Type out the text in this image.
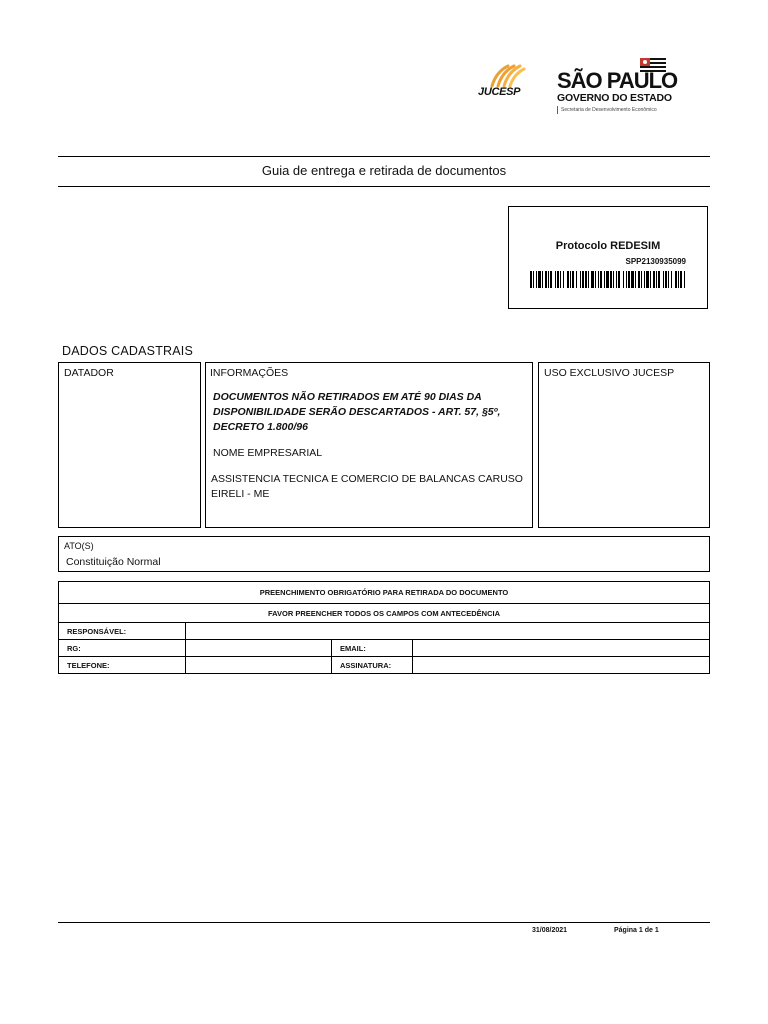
JUCESP SÃO PAULO
GOVERNO DO ESTADO
Secretaria de Desenvolvimento Econômico
Guia de entrega e retirada de documentos
Protocolo REDESIM
SPP2130935099
DADOS CADASTRAIS
DATADOR	INFORMAÇÕES
DOCUMENTOS NÃO RETIRADOS EM ATÉ 90 DIAS DA DISPONIBILIDADE SERÃO DESCARTADOS - ART. 57, §5º, DECRETO 1.800/96
NOME EMPRESARIAL
ASSISTENCIA TECNICA E COMERCIO DE BALANCAS CARUSO EIRELI - ME
USO EXCLUSIVO JUCESP
ATO(S)
Constituição Normal
PREENCHIMENTO OBRIGATÓRIO PARA RETIRADA DO DOCUMENTO			
FAVOR PREENCHER TODOS OS CAMPOS COM ANTECEDÊNCIA			
RESPONSÁVEL:			
RG:		EMAIL:	
TELEFONE:		ASSINATURA:	
31/08/2021	Página 1 de 1
